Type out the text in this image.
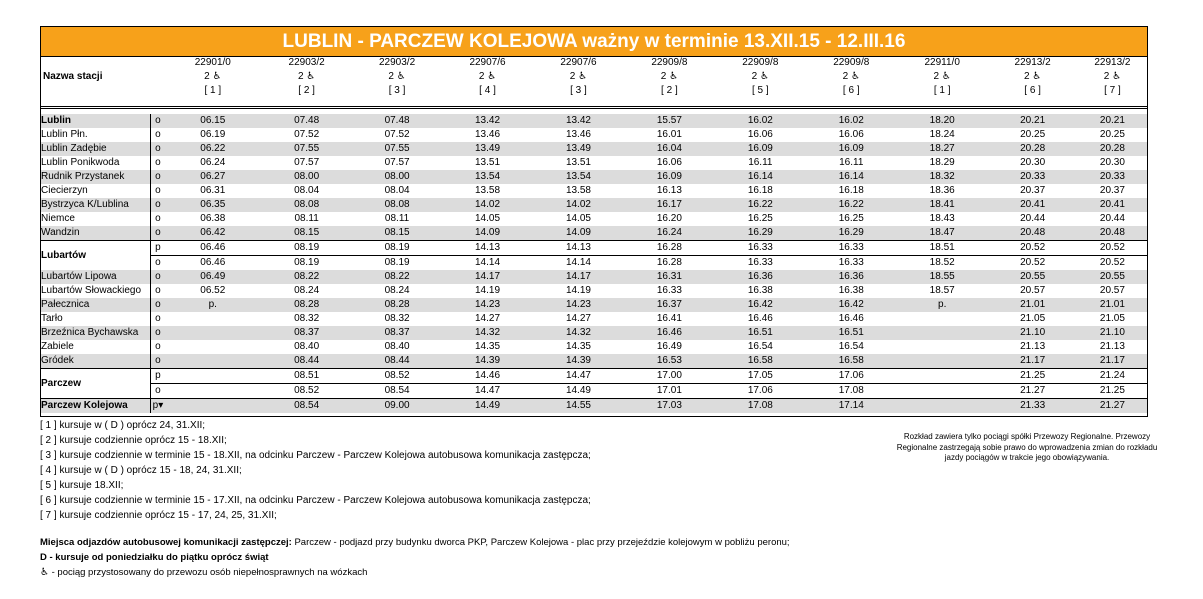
LUBLIN - PARCZEW KOLEJOWA ważny w terminie 13.XII.15 - 12.III.16
Nazwa stacji		22901/0	22903/2	22903/2	22907/6	22907/6	22909/8	22909/8	22909/8	22911/0	22913/2	22913/2
		2 ♿	2 ♿	2 ♿	2 ♿	2 ♿	2 ♿	2 ♿	2 ♿	2 ♿	2 ♿	2 ♿
		[ 1 ]	[ 2 ]	[ 3 ]	[ 4 ]	[ 3 ]	[ 2 ]	[ 5 ]	[ 6 ]	[ 1 ]	[ 6 ]	[ 7 ]

Lublin	o	06.15	07.48	07.48	13.42	13.42	15.57	16.02	16.02	18.20	20.21	20.21
Lublin Płn.	o	06.19	07.52	07.52	13.46	13.46	16.01	16.06	16.06	18.24	20.25	20.25
Lublin Zadębie	o	06.22	07.55	07.55	13.49	13.49	16.04	16.09	16.09	18.27	20.28	20.28
Lublin Ponikwoda	o	06.24	07.57	07.57	13.51	13.51	16.06	16.11	16.11	18.29	20.30	20.30
Rudnik Przystanek	o	06.27	08.00	08.00	13.54	13.54	16.09	16.14	16.14	18.32	20.33	20.33
Ciecierzyn	o	06.31	08.04	08.04	13.58	13.58	16.13	16.18	16.18	18.36	20.37	20.37
Bystrzyca K/Lublina	o	06.35	08.08	08.08	14.02	14.02	16.17	16.22	16.22	18.41	20.41	20.41
Niemce	o	06.38	08.11	08.11	14.05	14.05	16.20	16.25	16.25	18.43	20.44	20.44
Wandzin	o	06.42	08.15	08.15	14.09	14.09	16.24	16.29	16.29	18.47	20.48	20.48
Lubartów	p	06.46	08.19	08.19	14.13	14.13	16.28	16.33	16.33	18.51	20.52	20.52
	o	06.46	08.19	08.19	14.14	14.14	16.28	16.33	16.33	18.52	20.52	20.52
Lubartów Lipowa	o	06.49	08.22	08.22	14.17	14.17	16.31	16.36	16.36	18.55	20.55	20.55
Lubartów Słowackiego	o	06.52	08.24	08.24	14.19	14.19	16.33	16.38	16.38	18.57	20.57	20.57
Pałecznica	o	p.	08.28	08.28	14.23	14.23	16.37	16.42	16.42	p.	21.01	21.01
Tarło	o		08.32	08.32	14.27	14.27	16.41	16.46	16.46		21.05	21.05
Brzeźnica Bychawska	o		08.37	08.37	14.32	14.32	16.46	16.51	16.51		21.10	21.10
Zabiele	o		08.40	08.40	14.35	14.35	16.49	16.54	16.54		21.13	21.13
Gródek	o		08.44	08.44	14.39	14.39	16.53	16.58	16.58		21.17	21.17
Parczew	p		08.51	08.52	14.46	14.47	17.00	17.05	17.06		21.25	21.24
	o		08.52	08.54	14.47	14.49	17.01	17.06	17.08		21.27	21.25
Parczew Kolejowa	p▾		08.54	09.00	14.49	14.55	17.03	17.08	17.14		21.33	21.27
[ 1 ] kursuje w ( D ) oprócz 24, 31.XII;
[ 2 ] kursuje codziennie oprócz 15 - 18.XII;
[ 3 ] kursuje codziennie w terminie 15 - 18.XII, na odcinku Parczew - Parczew Kolejowa autobusowa komunikacja zastępcza;
[ 4 ] kursuje w ( D ) oprócz 15 - 18, 24, 31.XII;
[ 5 ] kursuje 18.XII;
[ 6 ] kursuje codziennie w terminie 15 - 17.XII, na odcinku Parczew - Parczew Kolejowa autobusowa komunikacja zastępcza;
[ 7 ] kursuje codziennie oprócz 15 - 17, 24, 25, 31.XII;
Rozkład zawiera tylko pociągi spółki Przewozy Regionalne. Przewozy Regionalne zastrzegają sobie prawo do wprowadzenia zmian do rozkładu jazdy pociągów w trakcie jego obowiązywania.
Miejsca odjazdów autobusowej komunikacji zastępczej: Parczew - podjazd przy budynku dworca PKP, Parczew Kolejowa - plac przy przejeździe kolejowym w pobliżu peronu;
D - kursuje od poniedziałku do piątku oprócz świąt
♿ - pociąg przystosowany do przewozu osób niepełnosprawnych na wózkach
